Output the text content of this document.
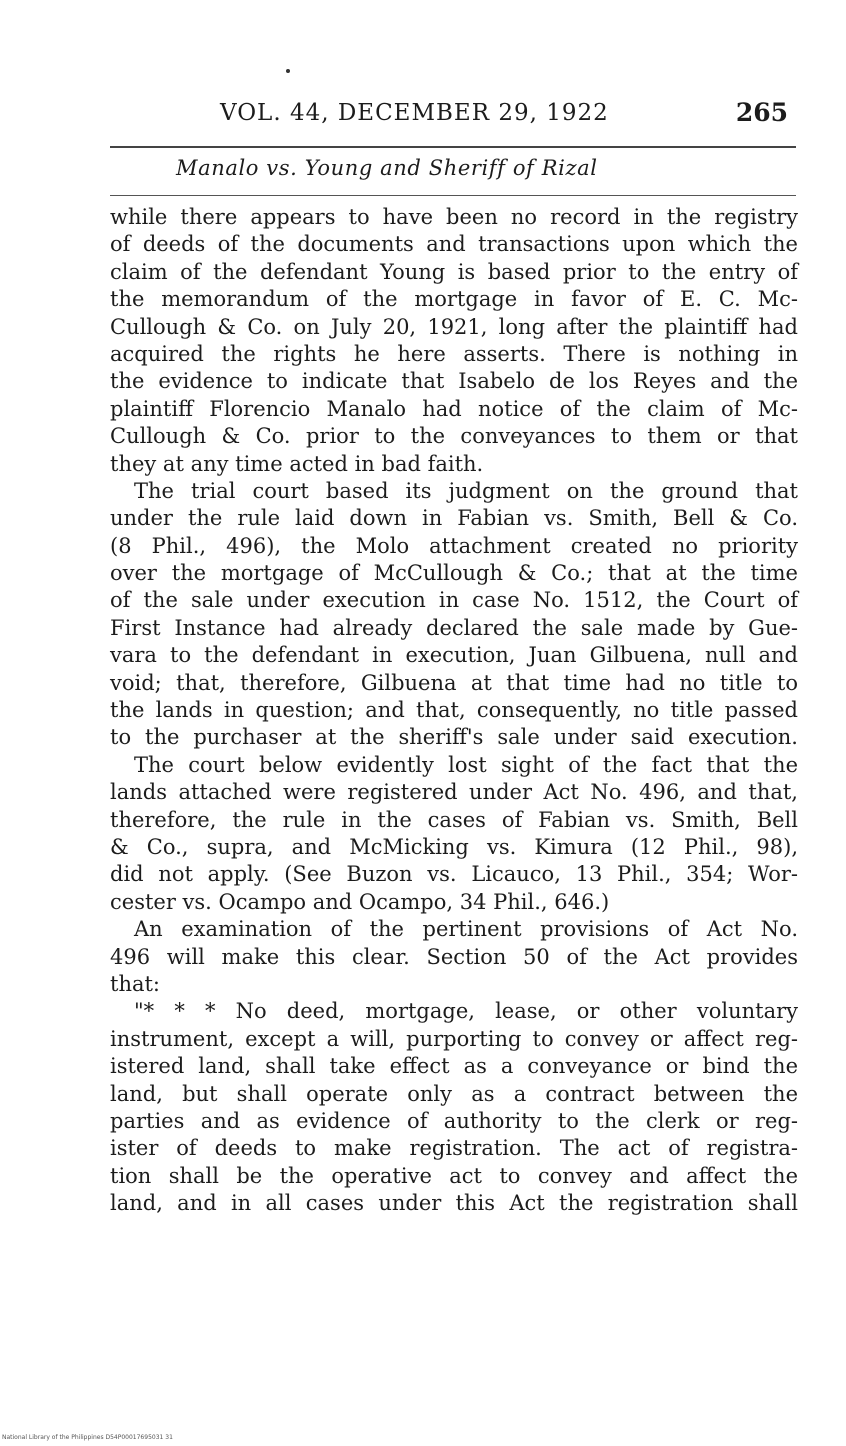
VOL. 44, DECEMBER 29, 1922	265
Manalo vs. Young and Sheriff of Rizal
while there appears to have been no record in the registry
of deeds of the documents and transactions upon which the
claim of the defendant Young is based prior to the entry of
the memorandum of the mortgage in favor of E. C. Mc-
Cullough & Co. on July 20, 1921, long after the plaintiff had
acquired the rights he here asserts. There is nothing in
the evidence to indicate that Isabelo de los Reyes and the
plaintiff Florencio Manalo had notice of the claim of Mc-
Cullough & Co. prior to the conveyances to them or that
they at any time acted in bad faith.
The trial court based its judgment on the ground that
under the rule laid down in Fabian vs. Smith, Bell & Co.
(8 Phil., 496), the Molo attachment created no priority
over the mortgage of McCullough & Co.; that at the time
of the sale under execution in case No. 1512, the Court of
First Instance had already declared the sale made by Gue-
vara to the defendant in execution, Juan Gilbuena, null and
void; that, therefore, Gilbuena at that time had no title to
the lands in question; and that, consequently, no title passed
to the purchaser at the sheriff's sale under said execution.
The court below evidently lost sight of the fact that the
lands attached were registered under Act No. 496, and that,
therefore, the rule in the cases of Fabian vs. Smith, Bell
& Co., supra, and McMicking vs. Kimura (12 Phil., 98),
did not apply. (See Buzon vs. Licauco, 13 Phil., 354; Wor-
cester vs. Ocampo and Ocampo, 34 Phil., 646.)
An examination of the pertinent provisions of Act No.
496 will make this clear. Section 50 of the Act provides
that:
"* * * No deed, mortgage, lease, or other voluntary
instrument, except a will, purporting to convey or affect reg-
istered land, shall take effect as a conveyance or bind the
land, but shall operate only as a contract between the
parties and as evidence of authority to the clerk or reg-
ister of deeds to make registration. The act of registra-
tion shall be the operative act to convey and affect the
land, and in all cases under this Act the registration shall
National Library of the Philippines D54P00017695031 31
